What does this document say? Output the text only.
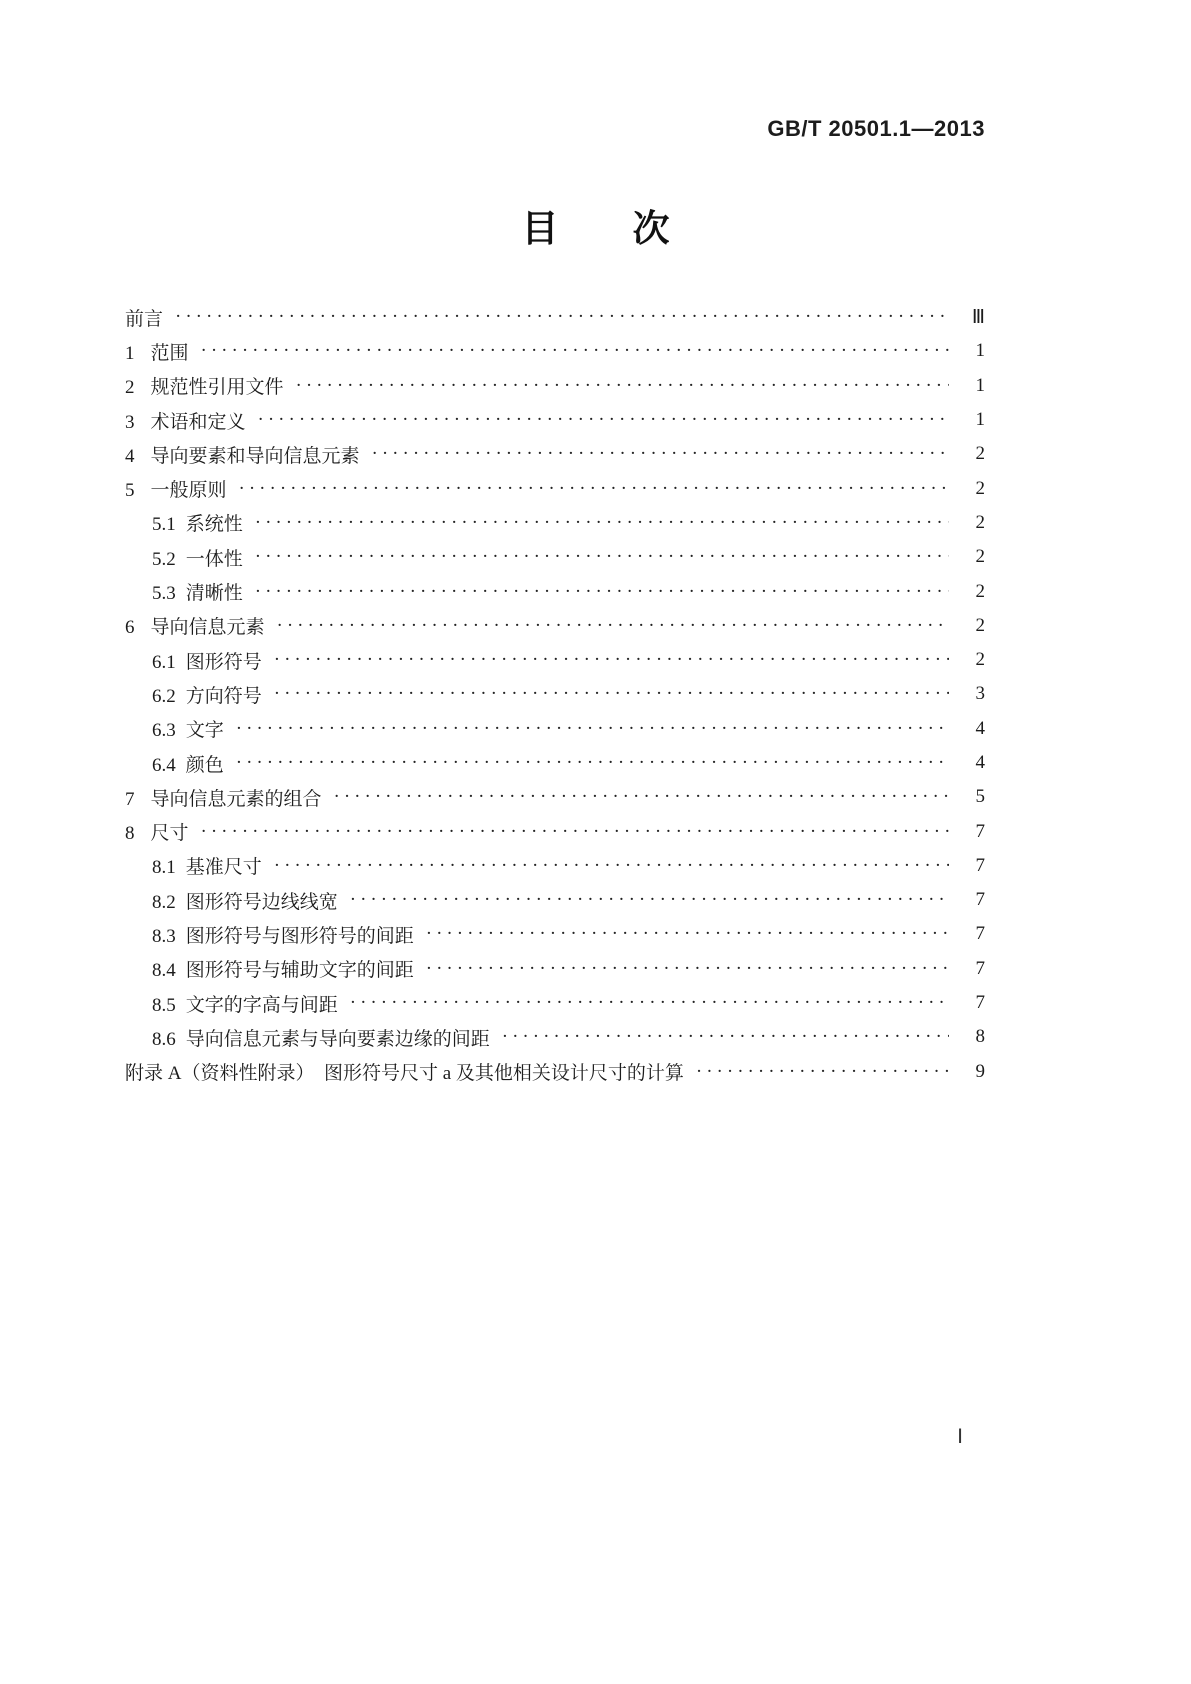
GB/T 20501.1—2013
目　　次
前言 ·····	Ⅲ
1 范围 ·····	1
2 规范性引用文件 ·····	1
3 术语和定义 ·····	1
4 导向要素和导向信息元素 ·····	2
5 一般原则 ·····	2
5.1 系统性 ·····	2
5.2 一体性 ·····	2
5.3 清晰性 ·····	2
6 导向信息元素 ·····	2
6.1 图形符号 ·····	2
6.2 方向符号 ·····	3
6.3 文字 ·····	4
6.4 颜色 ·····	4
7 导向信息元素的组合 ·····	5
8 尺寸 ·····	7
8.1 基准尺寸 ·····	7
8.2 图形符号边线线宽 ·····	7
8.3 图形符号与图形符号的间距 ·····	7
8.4 图形符号与辅助文字的间距 ·····	7
8.5 文字的字高与间距 ·····	7
8.6 导向信息元素与导向要素边缘的间距 ·····	8
附录 A（资料性附录）　图形符号尺寸 a 及其他相关设计尺寸的计算 ·····	9
Ⅰ
